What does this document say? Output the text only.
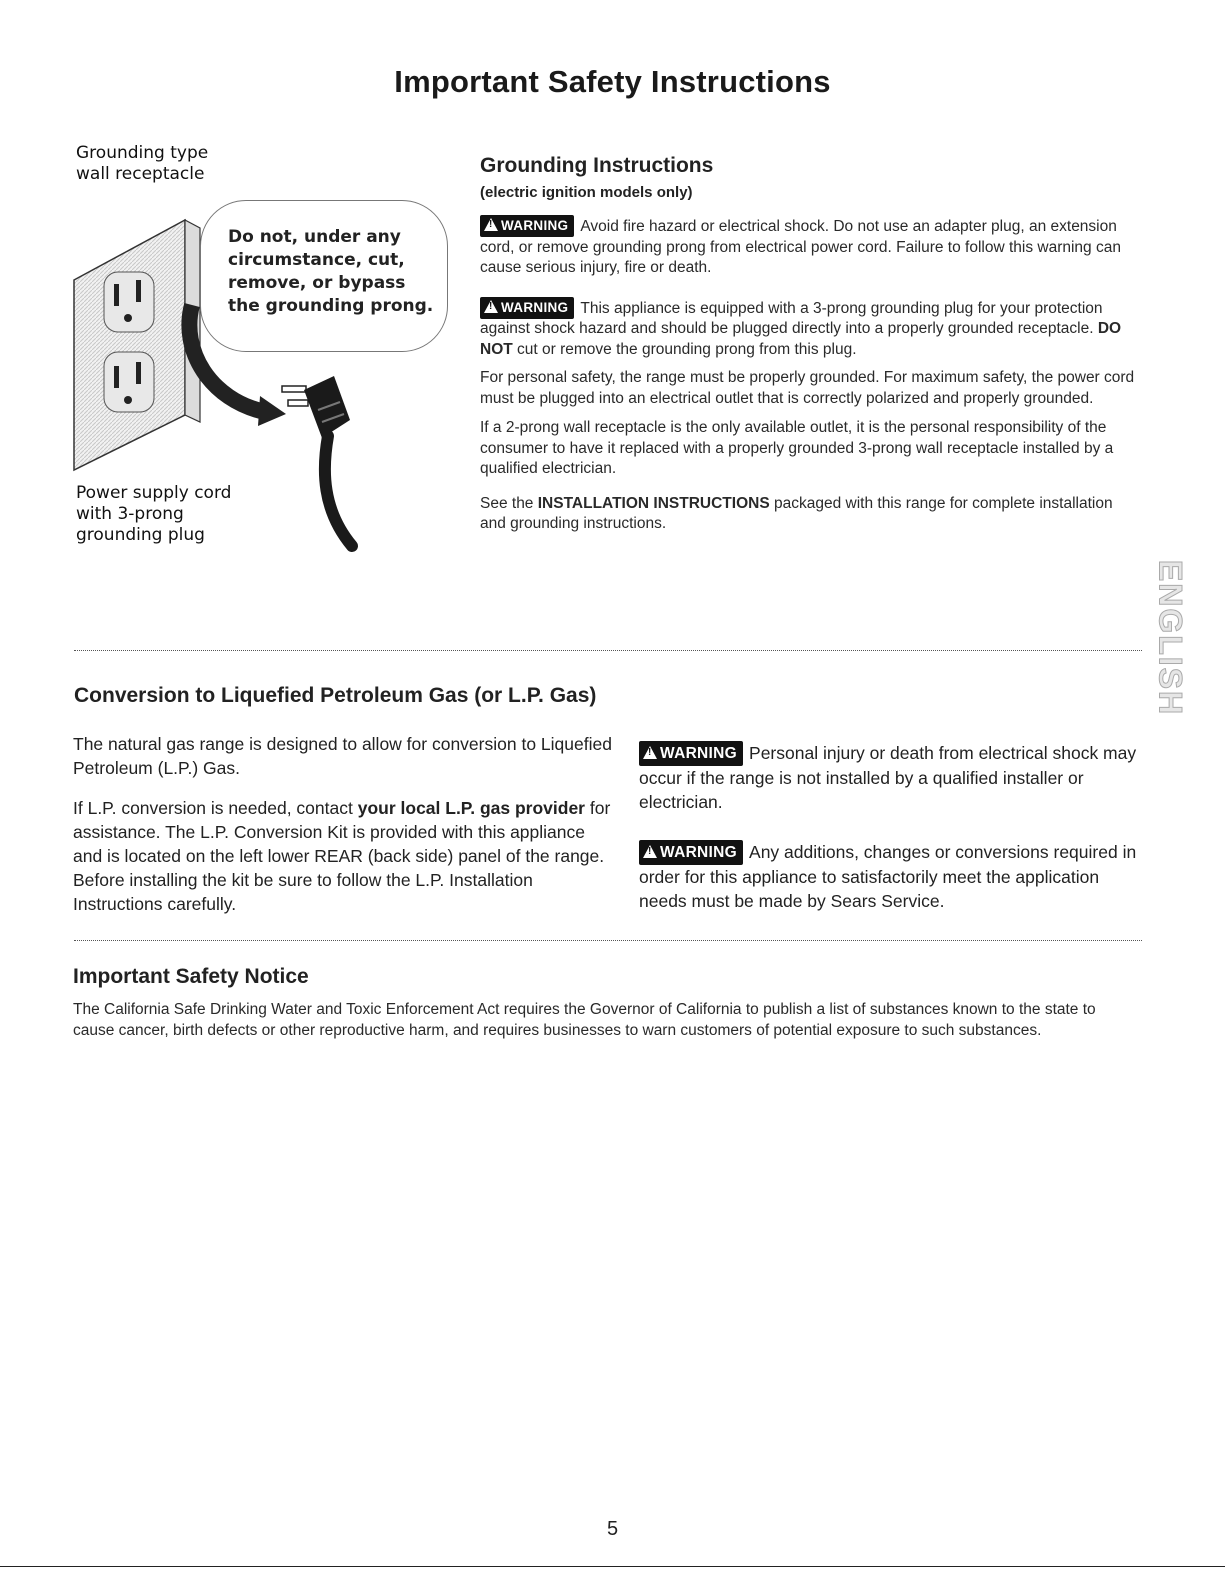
Important Safety Instructions
Grounding type
wall receptacle
Do not, under any circumstance, cut, remove, or bypass the grounding prong.
Power supply cord
with 3-prong
grounding plug
Grounding Instructions
(electric ignition models only)
!WARNING Avoid fire hazard or electrical shock. Do not use an adapter plug, an extension cord, or remove grounding prong from electrical power cord. Failure to follow this warning can cause serious injury, fire or death.
!WARNING This appliance is equipped with a 3-prong grounding plug for your protection against shock hazard and should be plugged directly into a properly grounded receptacle. DO NOT cut or remove the grounding prong from this plug.
For personal safety, the range must be properly grounded. For maximum safety, the power cord must be plugged into an electrical outlet that is correctly polarized and properly grounded.
If a 2-prong wall receptacle is the only available outlet, it is the personal responsibility of the consumer to have it replaced with a properly grounded 3-prong wall receptacle installed by a qualified electrician.
See the INSTALLATION INSTRUCTIONS packaged with this range for complete installation and grounding instructions.
ENGLISH
Conversion to Liquefied Petroleum Gas (or L.P. Gas)
The natural gas range is designed to allow for conversion to Liquefied Petroleum (L.P.) Gas.
If L.P. conversion is needed, contact your local L.P. gas provider for assistance. The L.P. Conversion Kit is provided with this appliance and is located on the left lower REAR (back side) panel of the range. Before installing the kit be sure to follow the L.P. Installation Instructions carefully.
!WARNING Personal injury or death from electrical shock may occur if the range is not installed by a qualified installer or electrician.
!WARNING Any additions, changes or conversions required in order for this appliance to satisfactorily meet the application needs must be made by Sears Service.
Important Safety Notice
The California Safe Drinking Water and Toxic Enforcement Act requires the Governor of California to publish a list of substances known to the state to cause cancer, birth defects or other reproductive harm, and requires businesses to warn customers of potential exposure to such substances.
5
